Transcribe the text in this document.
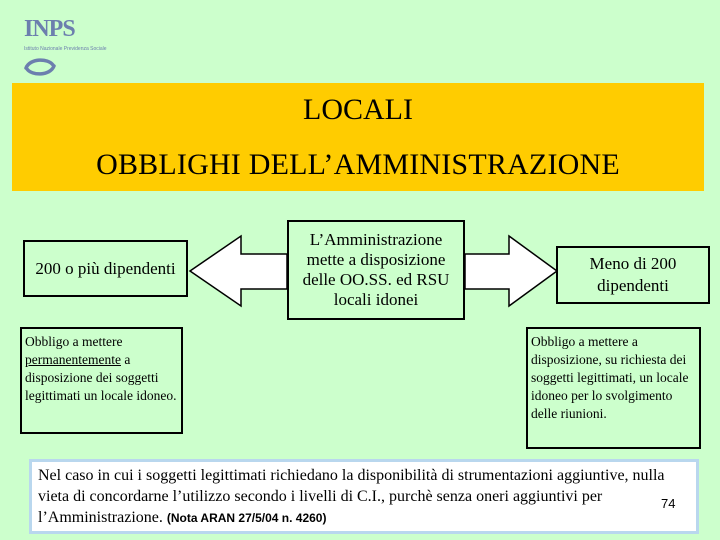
INPS
Istituto Nazionale Previdenza Sociale
LOCALI
OBBLIGHI DELL’AMMINISTRAZIONE
200 o più dipendenti
L’Amministrazione mette a disposizione delle OO.SS. ed RSU locali idonei
Meno di 200 dipendenti
Obbligo a mettere permanentemente a disposizione dei soggetti legittimati un locale idoneo.
Obbligo a mettere a disposizione, su richiesta dei soggetti legittimati, un locale idoneo per lo svolgimento delle riunioni.
Nel caso in cui i soggetti legittimati richiedano la disponibilità di strumentazioni aggiuntive, nulla vieta di concordarne l’utilizzo secondo i livelli di C.I., purchè senza oneri aggiuntivi per l’Amministrazione. (Nota ARAN 27/5/04 n. 4260)
74
